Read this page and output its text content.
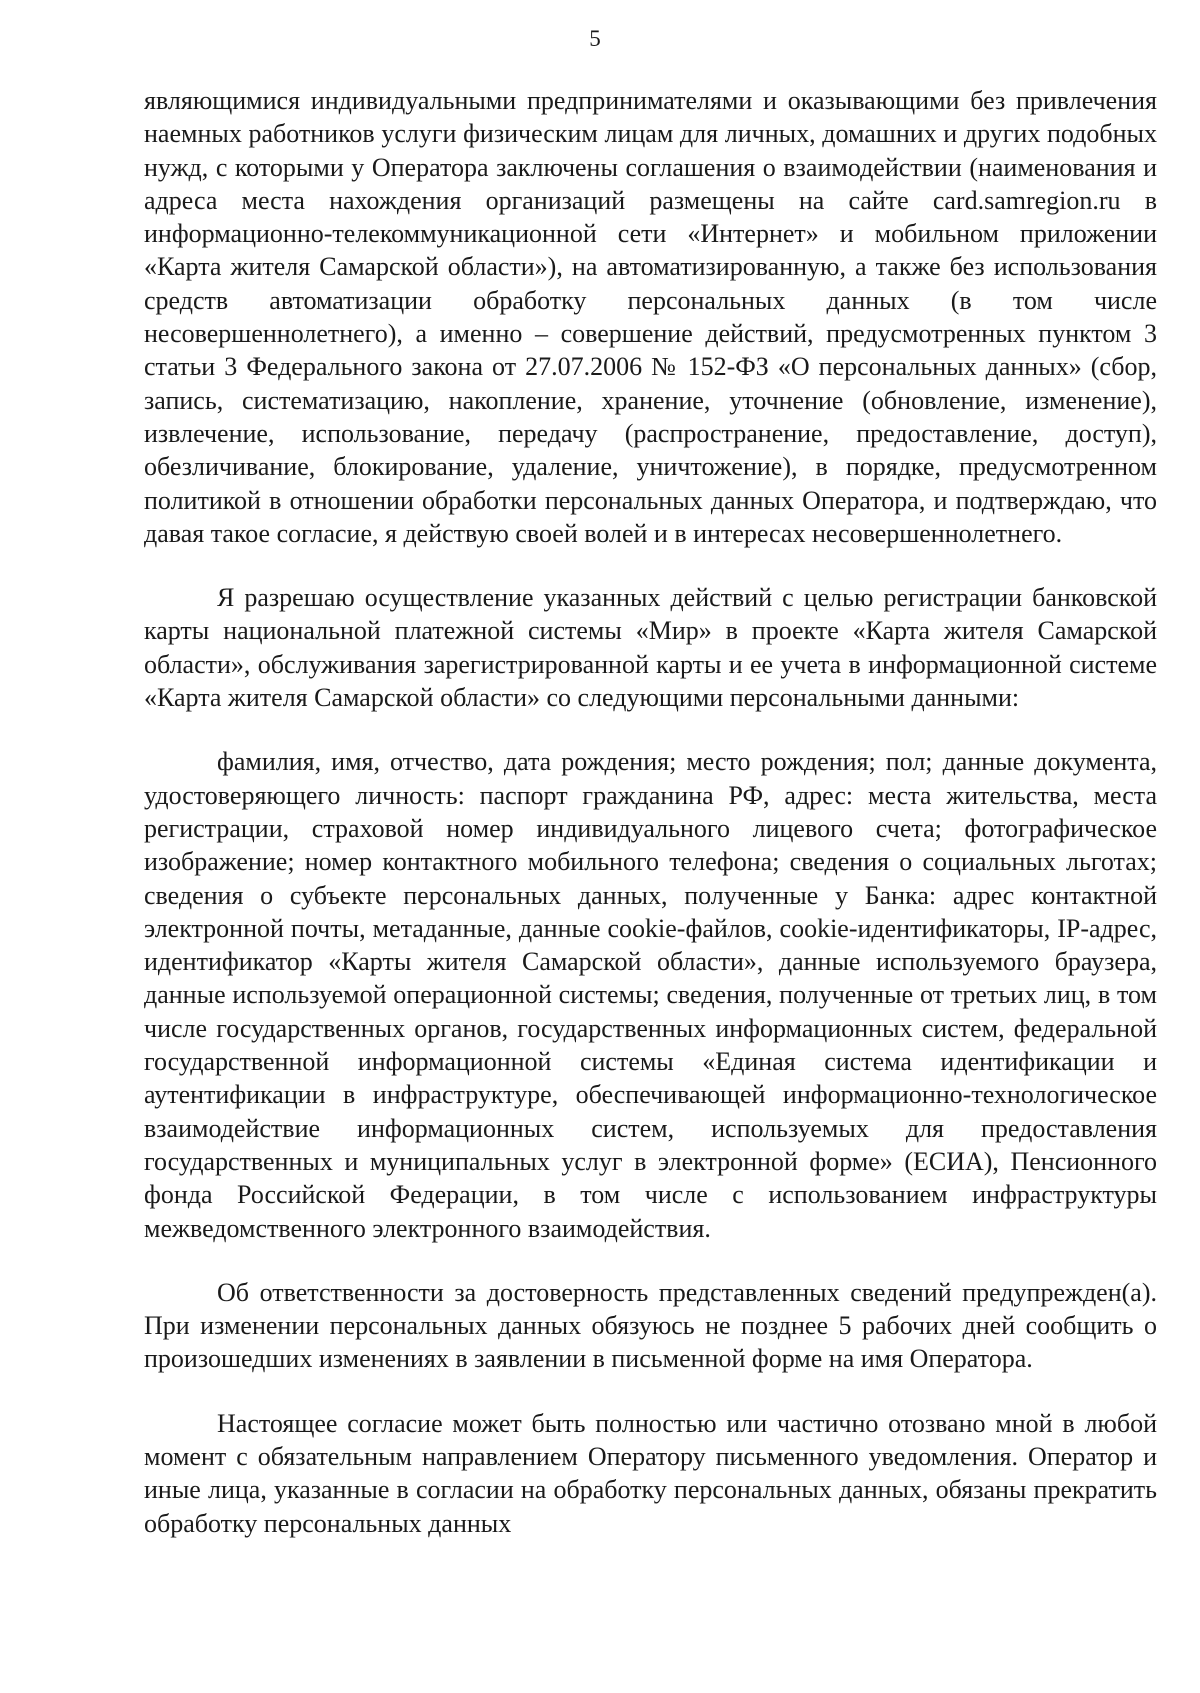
5

являющимися индивидуальными предпринимателями и оказывающими без привлечения наемных работников услуги физическим лицам для личных, домашних и других подобных нужд, с которыми у Оператора заключены соглашения о взаимодействии (наименования и адреса места нахождения организаций размещены на сайте card.samregion.ru в информационно-телекоммуникационной сети «Интернет» и мобильном приложении «Карта жителя Самарской области»), на автоматизированную, а также без использования средств автоматизации обработку персональных данных (в том числе несовершеннолетнего), а именно – совершение действий, предусмотренных пунктом 3 статьи 3 Федерального закона от 27.07.2006 № 152-ФЗ «О персональных данных» (сбор, запись, систематизацию, накопление, хранение, уточнение (обновление, изменение), извлечение, использование, передачу (распространение, предоставление, доступ), обезличивание, блокирование, удаление, уничтожение), в порядке, предусмотренном политикой в отношении обработки персональных данных Оператора, и подтверждаю, что давая такое согласие, я действую своей волей и в интересах несовершеннолетнего.

Я разрешаю осуществление указанных действий с целью регистрации банковской карты национальной платежной системы «Мир» в проекте «Карта жителя Самарской области», обслуживания зарегистрированной карты и ее учета в информационной системе «Карта жителя Самарской области» со следующими персональными данными:

фамилия, имя, отчество, дата рождения; место рождения; пол; данные документа, удостоверяющего личность: паспорт гражданина РФ, адрес: места жительства, места регистрации, страховой номер индивидуального лицевого счета; фотографическое изображение; номер контактного мобильного телефона; сведения о социальных льготах; сведения о субъекте персональных данных, полученные у Банка: адрес контактной электронной почты, метаданные, данные cookie-файлов, cookie-идентификаторы, IP-адрес, идентификатор «Карты жителя Самарской области», данные используемого браузера, данные используемой операционной системы; сведения, полученные от третьих лиц, в том числе государственных органов, государственных информационных систем, федеральной государственной информационной системы «Единая система идентификации и аутентификации в инфраструктуре, обеспечивающей информационно-технологическое взаимодействие информационных систем, используемых для предоставления государственных и муниципальных услуг в электронной форме» (ЕСИА), Пенсионного фонда Российской Федерации, в том числе с использованием инфраструктуры межведомственного электронного взаимодействия.

Об ответственности за достоверность представленных сведений предупрежден(а). При изменении персональных данных обязуюсь не позднее 5 рабочих дней сообщить о произошедших изменениях в заявлении в письменной форме на имя Оператора.

Настоящее согласие может быть полностью или частично отозвано мной в любой момент с обязательным направлением Оператору письменного уведомления. Оператор и иные лица, указанные в согласии на обработку персональных данных, обязаны прекратить обработку персональных данных
